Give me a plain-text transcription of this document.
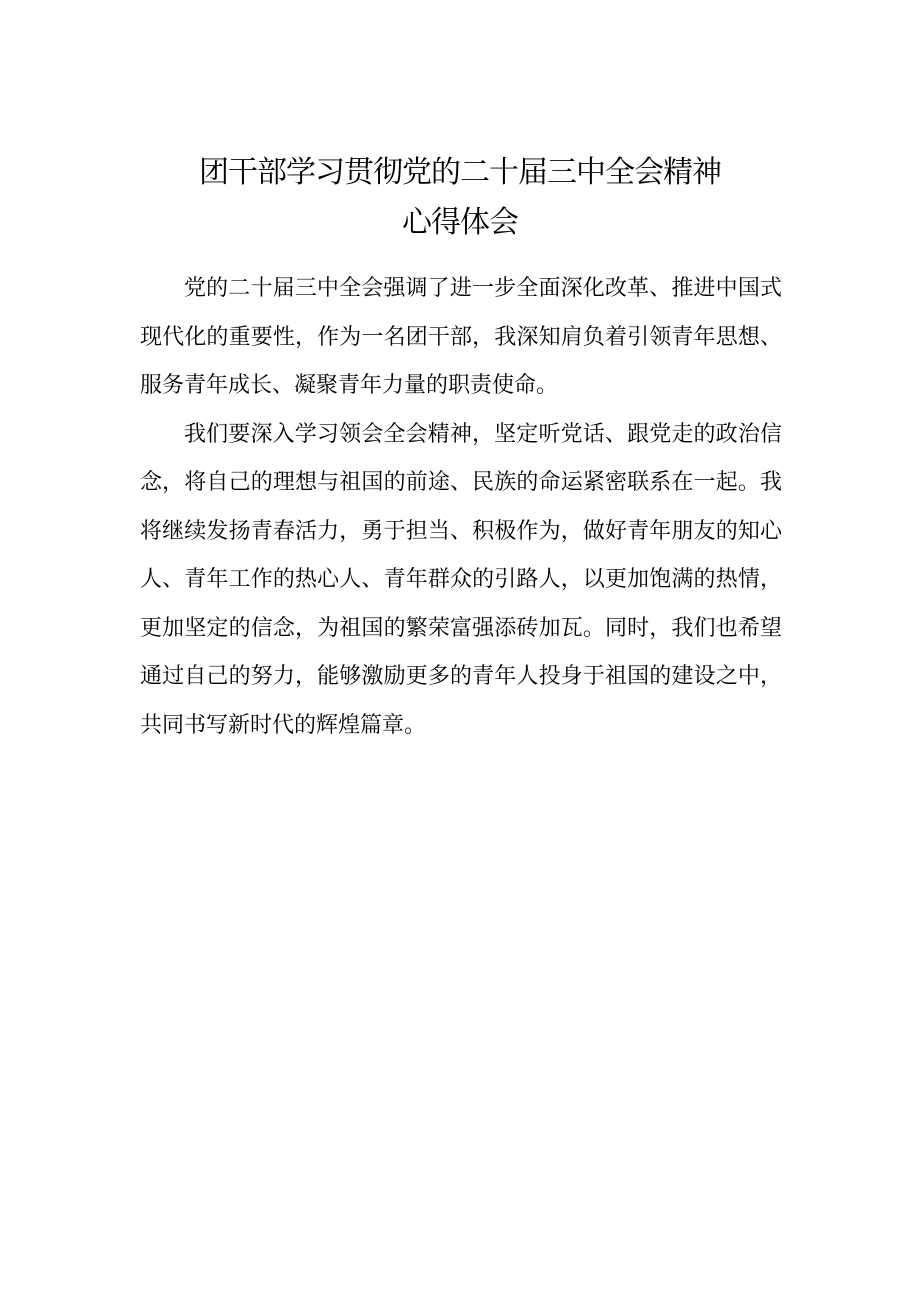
团干部学习贯彻党的二十届三中全会精神
心得体会

党的二十届三中全会强调了进一步全面深化改革、推进中国式现代化的重要性，作为一名团干部，我深知肩负着引领青年思想、服务青年成长、凝聚青年力量的职责使命。

我们要深入学习领会全会精神，坚定听党话、跟党走的政治信念，将自己的理想与祖国的前途、民族的命运紧密联系在一起。我将继续发扬青春活力，勇于担当、积极作为，做好青年朋友的知心人、青年工作的热心人、青年群众的引路人，以更加饱满的热情，更加坚定的信念，为祖国的繁荣富强添砖加瓦。同时，我们也希望通过自己的努力，能够激励更多的青年人投身于祖国的建设之中，共同书写新时代的辉煌篇章。
